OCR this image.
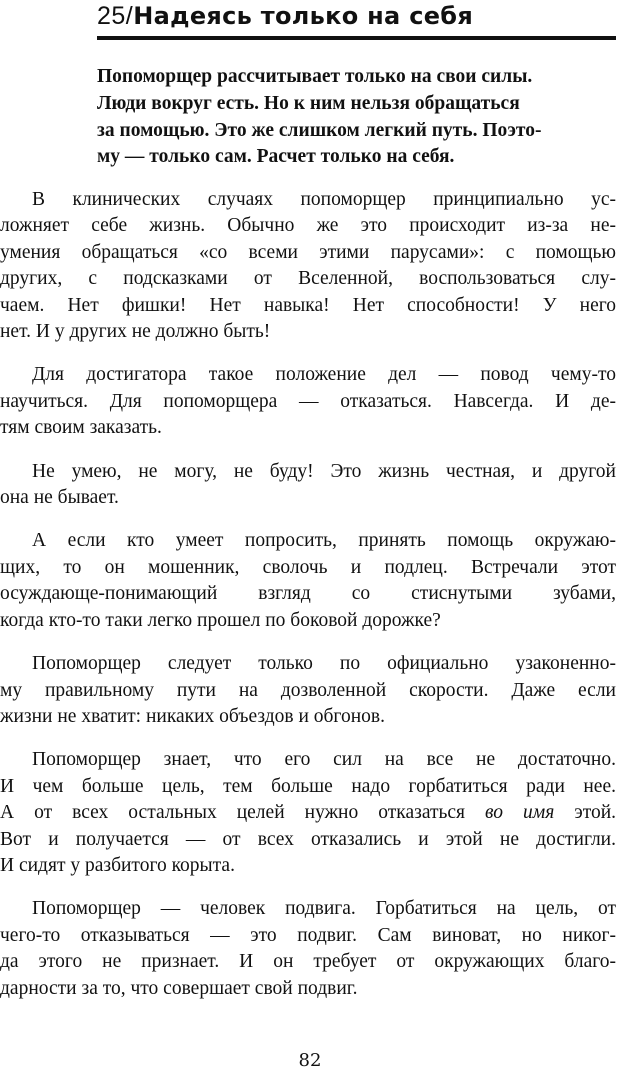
25/Надеясь только на себя
Попоморщер рассчитывает только на свои силы.
Люди вокруг есть. Но к ним нельзя обращаться
за помощью. Это же слишком легкий путь. Поэто-
му — только сам. Расчет только на себя.
В клинических случаях попоморщер принципиально ус-
ложняет себе жизнь. Обычно же это происходит из-за не-
умения обращаться «со всеми этими парусами»: с помощью
других, с подсказками от Вселенной, воспользоваться слу-
чаем. Нет фишки! Нет навыка! Нет способности! У него
нет. И у других не должно быть!
Для достигатора такое положение дел — повод чему-то
научиться. Для попоморщера — отказаться. Навсегда. И де-
тям своим заказать.
Не умею, не могу, не буду! Это жизнь честная, и другой
она не бывает.
А если кто умеет попросить, принять помощь окружаю-
щих, то он мошенник, сволочь и подлец. Встречали этот
осуждающе-понимающий взгляд со стиснутыми зубами,
когда кто-то таки легко прошел по боковой дорожке?
Попоморщер следует только по официально узаконенно-
му правильному пути на дозволенной скорости. Даже если
жизни не хватит: никаких объездов и обгонов.
Попоморщер знает, что его сил на все не достаточно.
И чем больше цель, тем больше надо горбатиться ради нее.
А от всех остальных целей нужно отказаться во имя этой.
Вот и получается — от всех отказались и этой не достигли.
И сидят у разбитого корыта.
Попоморщер — человек подвига. Горбатиться на цель, от
чего-то отказываться — это подвиг. Сам виноват, но никог-
да этого не признает. И он требует от окружающих благо-
дарности за то, что совершает свой подвиг.
82
